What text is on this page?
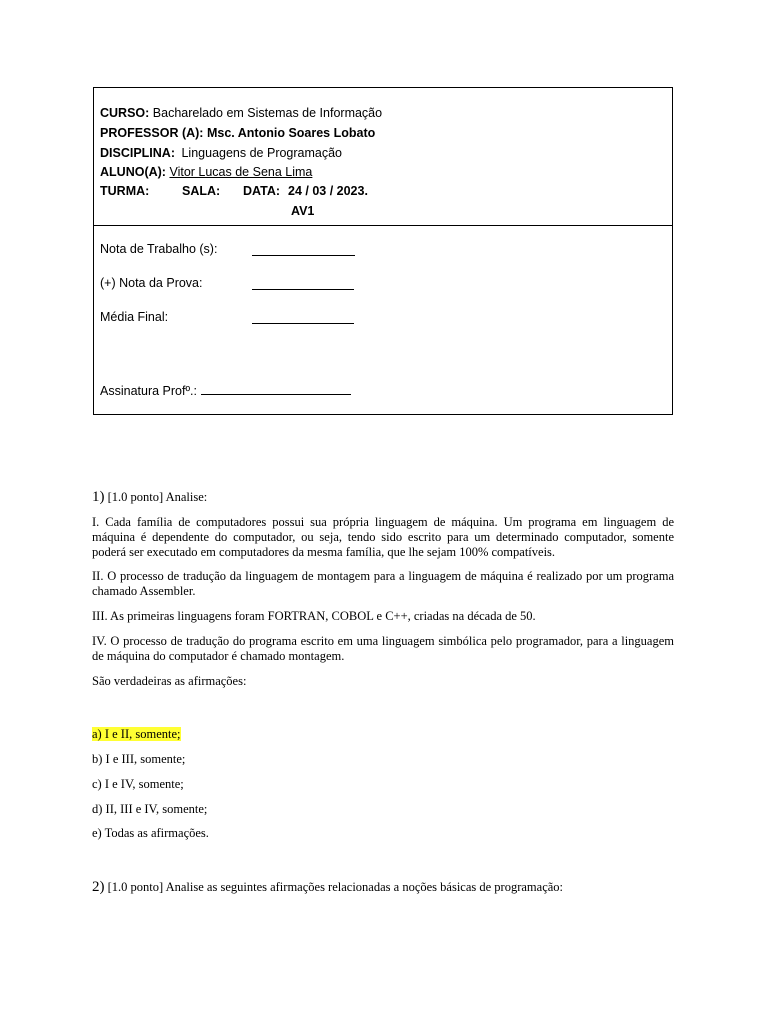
CURSO: Bacharelado em Sistemas de Informação
PROFESSOR (A): Msc. Antonio Soares Lobato
DISCIPLINA: Linguagens de Programação
ALUNO(A): Vitor Lucas de Sena Lima
TURMA:	SALA: DATA: 24 / 03 / 2023.
AV1
Nota de Trabalho (s):
(+) Nota da Prova:
Média Final:
Assinatura Profº.:
1) [1.0 ponto] Analise:
I. Cada família de computadores possui sua própria linguagem de máquina. Um programa em linguagem de máquina é dependente do computador, ou seja, tendo sido escrito para um determinado computador, somente poderá ser executado em computadores da mesma família, que lhe sejam 100% compatíveis.
II. O processo de tradução da linguagem de montagem para a linguagem de máquina é realizado por um programa chamado Assembler.
III. As primeiras linguagens foram FORTRAN, COBOL e C++, criadas na década de 50.
IV. O processo de tradução do programa escrito em uma linguagem simbólica pelo programador, para a linguagem de máquina do computador é chamado montagem.
São verdadeiras as afirmações:
a) I e II, somente;
b) I e III, somente;
c) I e IV, somente;
d) II, III e IV, somente;
e) Todas as afirmações.
2) [1.0 ponto] Analise as seguintes afirmações relacionadas a noções básicas de programação:
